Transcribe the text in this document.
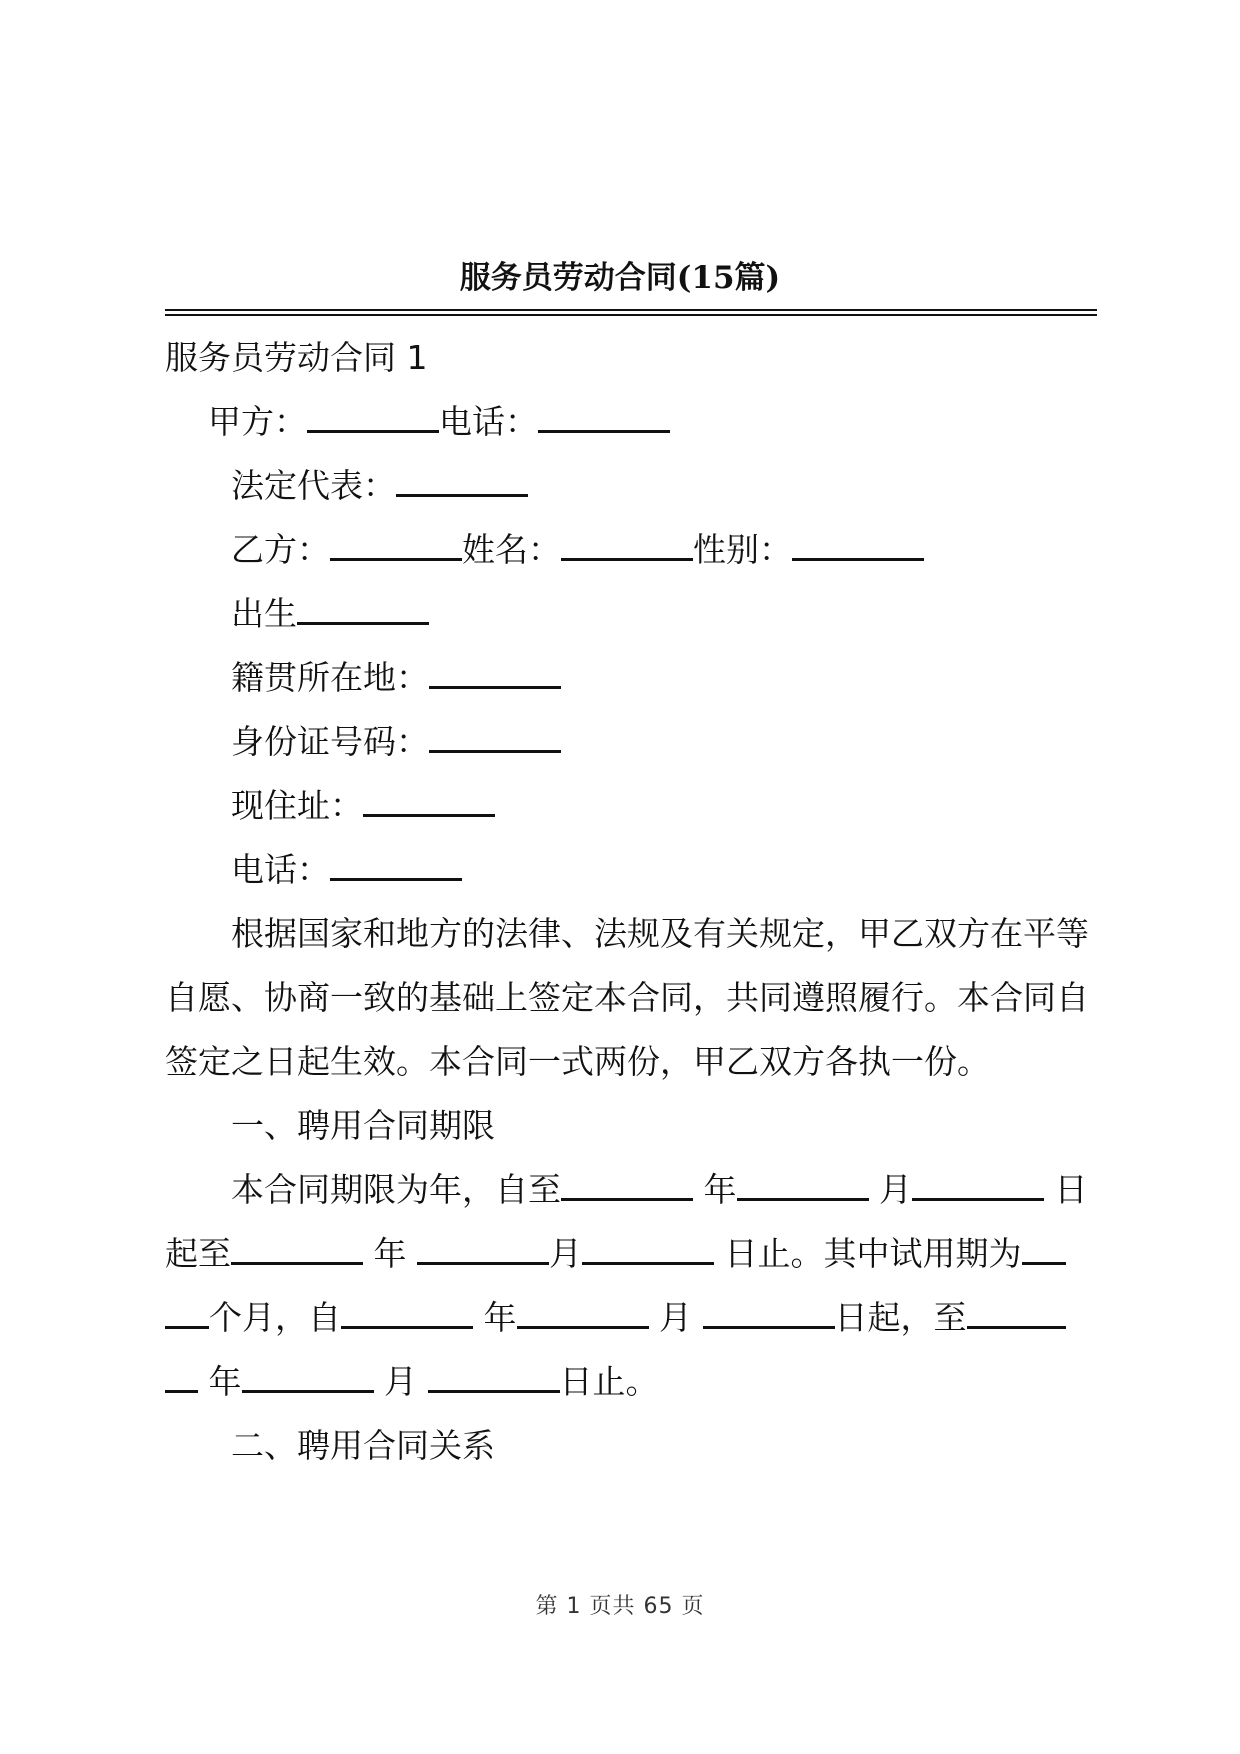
服务员劳动合同(15篇)
服务员劳动合同 1
甲方：	电话：
法定代表：
乙方：	姓名：	性别：
出生
籍贯所在地：
身份证号码：
现住址：
电话：
根据国家和地方的法律、法规及有关规定，甲乙双方在平等
自愿、协商一致的基础上签定本合同，共同遵照履行。本合同自
签定之日起生效。本合同一式两份，甲乙双方各执一份。
一、聘用合同期限
本合同期限为年，自至	年	月	日
起至	年	月	日止。其中试用期为
个月，自	年	月	日起，至
年	月	日止。
二、聘用合同关系
第 1 页共 65 页
